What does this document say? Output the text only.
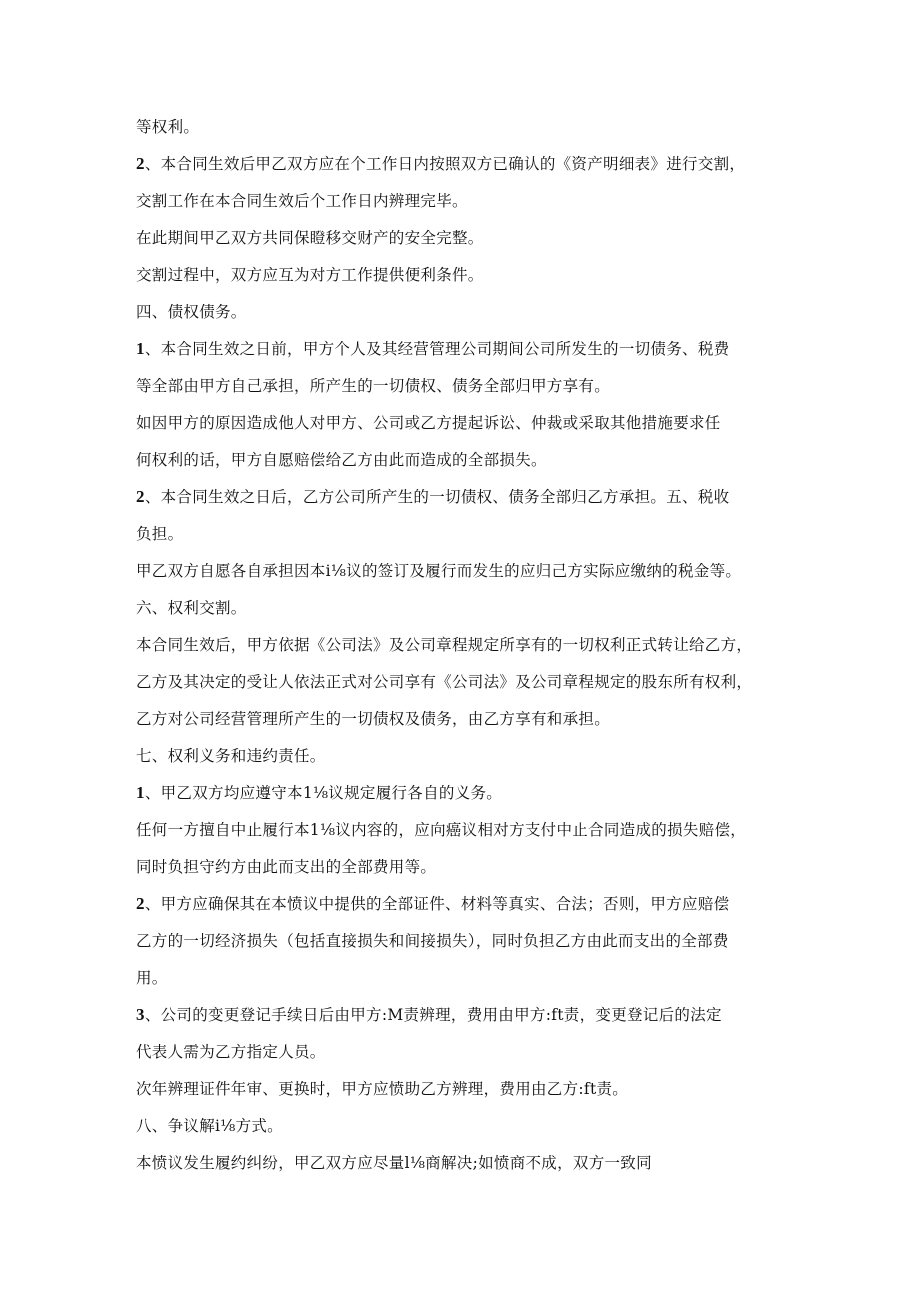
等权利。
2、本合同生效后甲乙双方应在个工作日内按照双方已确认的《资产明细表》进行交割，
交割工作在本合同生效后个工作日内辨理完毕。
在此期间甲乙双方共同保瞪移交财产的安全完整。
交割过程中，双方应互为对方工作提供便利条件。
四、债权债务。
1、本合同生效之日前，甲方个人及其经营管理公司期间公司所发生的一切债务、税费
等全部由甲方自己承担，所产生的一切债权、债务全部归甲方享有。
如因甲方的原因造成他人对甲方、公司或乙方提起诉讼、仲裁或采取其他措施要求任
何权利的话，甲方自愿赔偿给乙方由此而造成的全部损失。
2、本合同生效之日后，乙方公司所产生的一切债权、债务全部归乙方承担。五、税收
负担。
甲乙双方自愿各自承担因本i⅛议的签订及履行而发生的应归己方实际应缴纳的税金等。
六、权利交割。
本合同生效后，甲方依据《公司法》及公司章程规定所享有的一切权利正式转让给乙方，
乙方及其决定的受让人依法正式对公司享有《公司法》及公司章程规定的股东所有权利，
乙方对公司经营管理所产生的一切债权及债务，由乙方享有和承担。
七、权利义务和违约责任。
1、甲乙双方均应遵守本1⅛议规定履行各自的义务。
任何一方擅自中止履行本1⅛议内容的，应向癌议相对方支付中止合同造成的损失赔偿，
同时负担守约方由此而支出的全部费用等。
2、甲方应确保其在本愤议中提供的全部证件、材料等真实、合法；否则，甲方应赔偿
乙方的一切经济损失（包括直接损失和间接损失），同时负担乙方由此而支出的全部费
用。
3、公司的变更登记手续日后由甲方:M责辨理，费用由甲方:ft责，变更登记后的法定
代表人需为乙方指定人员。
次年辨理证件年审、更换时，甲方应愤助乙方辨理，费用由乙方:ft责。
八、争议解i⅛方式。
本愤议发生履约纠纷，甲乙双方应尽量l⅛商解决;如愤商不成，双方一致同
